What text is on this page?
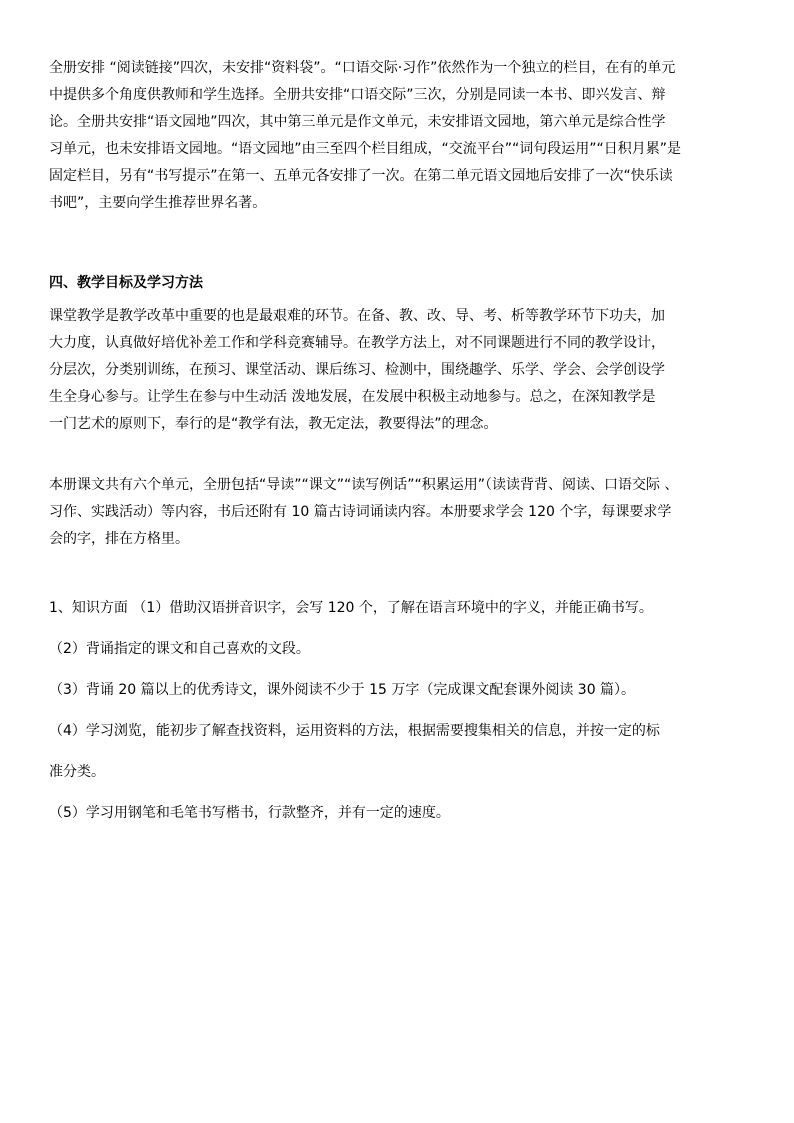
全册安排 “阅读链接”四次，未安排“资料袋”。“口语交际·习作”依然作为一个独立的栏目，在有的单元
中提供多个角度供教师和学生选择。全册共安排“口语交际”三次，分别是同读一本书、即兴发言、辩
论。全册共安排“语文园地”四次，其中第三单元是作文单元，未安排语文园地，第六单元是综合性学
习单元，也未安排语文园地。“语文园地”由三至四个栏目组成，“交流平台”“词句段运用”“日积月累”是
固定栏目，另有“书写提示”在第一、五单元各安排了一次。在第二单元语文园地后安排了一次“快乐读
书吧”，主要向学生推荐世界名著。
四、教学目标及学习方法
课堂教学是教学改革中重要的也是最艰难的环节。在备、教、改、导、考、析等教学环节下功夫，加
大力度，认真做好培优补差工作和学科竞赛辅导。在教学方法上，对不同课题进行不同的教学设计，
分层次，分类别训练，在预习、课堂活动、课后练习、检测中，围绕趣学、乐学、学会、会学创设学
生全身心参与。让学生在参与中生动活 泼地发展，在发展中积极主动地参与。总之，在深知教学是
一门艺术的原则下，奉行的是“教学有法，教无定法，教要得法”的理念。
本册课文共有六个单元，全册包括“导读”“课文”“读写例话”“积累运用”（读读背背、阅读、口语交际 、
习作、实践活动）等内容，书后还附有 10 篇古诗词诵读内容。本册要求学会 120 个字，每课要求学
会的字，排在方格里。
1、知识方面 （1）借助汉语拼音识字，会写 120 个，了解在语言环境中的字义，并能正确书写。
（2）背诵指定的课文和自己喜欢的文段。
（3）背诵 20 篇以上的优秀诗文，课外阅读不少于 15 万字（完成课文配套课外阅读 30 篇）。
（4）学习浏览，能初步了解查找资料，运用资料的方法，根据需要搜集相关的信息，并按一定的标
准分类。
（5）学习用钢笔和毛笔书写楷书，行款整齐，并有一定的速度。
